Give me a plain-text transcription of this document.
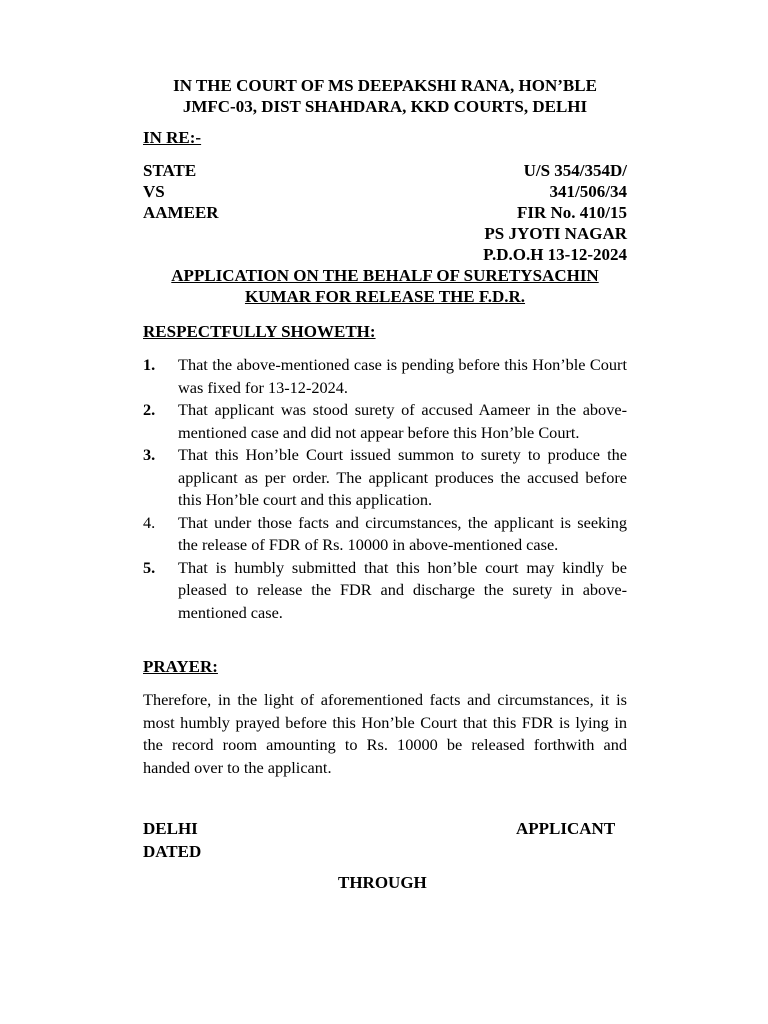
IN THE COURT OF MS DEEPAKSHI RANA, HON’BLE
JMFC-03, DIST SHAHDARA, KKD COURTS, DELHI
IN RE:-
STATE
VS
AAMEER
U/S 354/354D/
341/506/34
FIR No. 410/15
PS JYOTI NAGAR
P.D.O.H 13-12-2024
APPLICATION ON THE BEHALF OF SURETYSACHIN
KUMAR FOR RELEASE THE F.D.R.
RESPECTFULLY SHOWETH:
1.	That the above-mentioned case is pending before this Hon’ble Court was fixed for 13-12-2024.
2.	That applicant was stood surety of accused Aameer in the above-mentioned case and did not appear before this Hon’ble Court.
3.	That this Hon’ble Court issued summon to surety to produce the applicant as per order. The applicant produces the accused before this Hon’ble court and this application.
4.	That under those facts and circumstances, the applicant is seeking the release of FDR of Rs. 10000 in above-mentioned case.
5.	That is humbly submitted that this hon’ble court may kindly be pleased to release the FDR and discharge the surety in above-mentioned case.
PRAYER:
Therefore, in the light of aforementioned facts and circumstances, it is most humbly prayed before this Hon’ble Court that this FDR is lying in the record room amounting to Rs. 10000 be released forthwith and handed over to the applicant.
DELHI
DATED
APPLICANT
THROUGH
